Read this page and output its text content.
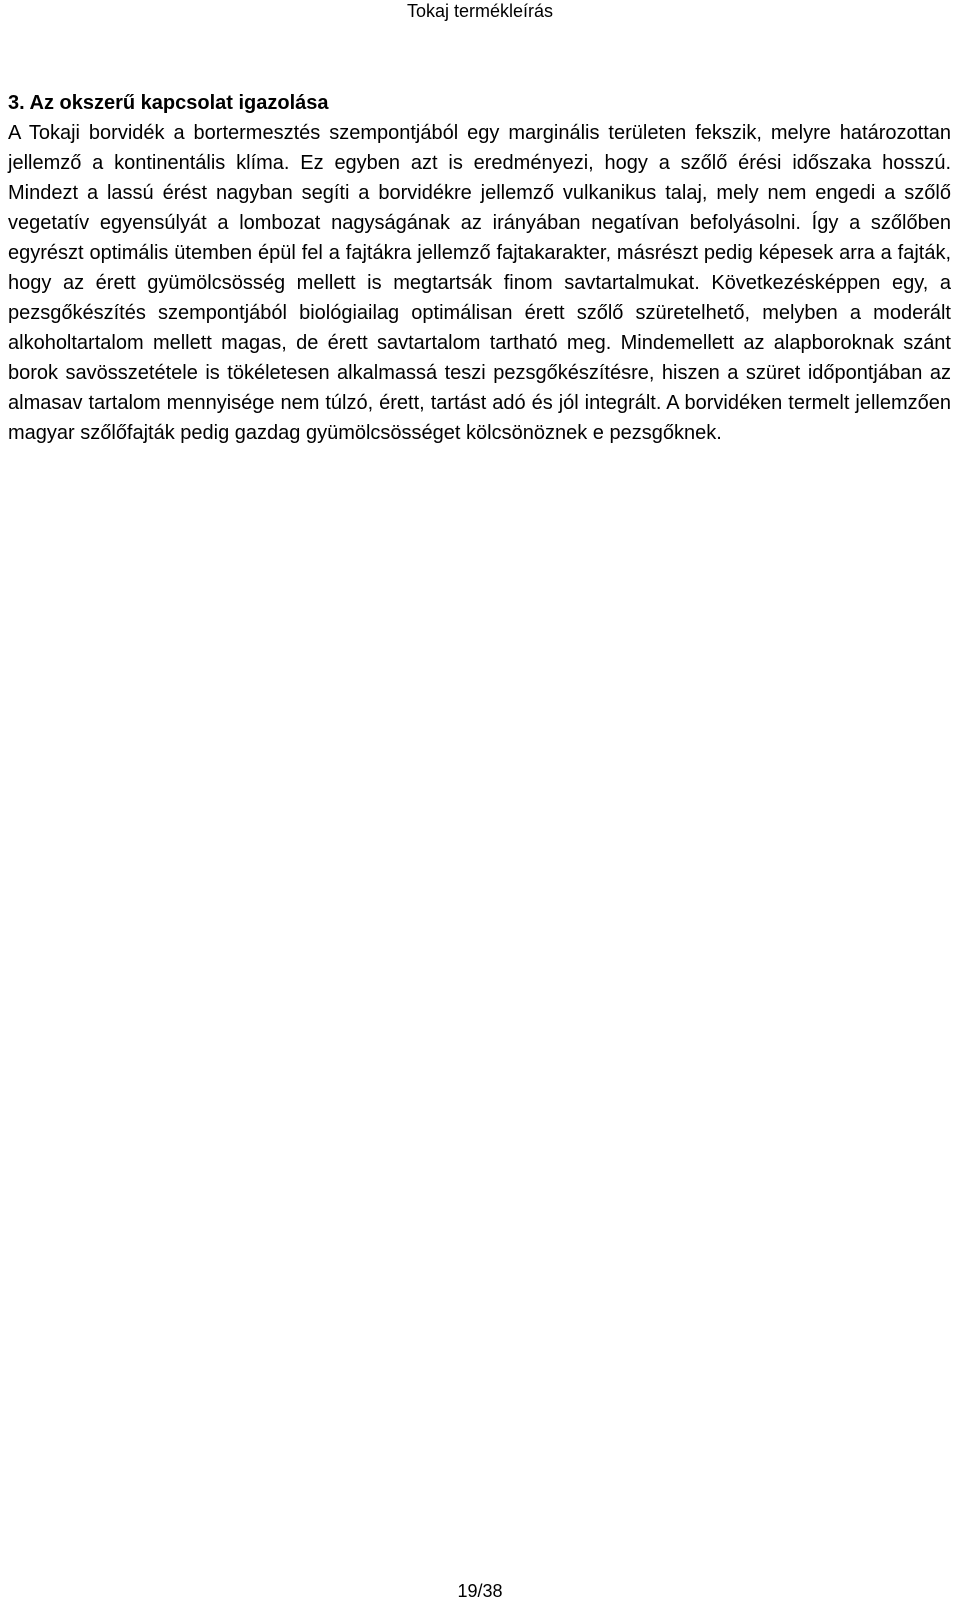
Tokaj termékleírás
3. Az okszerű kapcsolat igazolása

A Tokaji borvidék a bortermesztés szempontjából egy marginális területen fekszik, melyre határozottan jellemző a kontinentális klíma. Ez egyben azt is eredményezi, hogy a szőlő érési időszaka hosszú. Mindezt a lassú érést nagyban segíti a borvidékre jellemző vulkanikus talaj, mely nem engedi a szőlő vegetatív egyensúlyát a lombozat nagyságának az irányában negatívan befolyásolni. Így a szőlőben egyrészt optimális ütemben épül fel a fajtákra jellemző fajtakarakter, másrészt pedig képesek arra a fajták, hogy az érett gyümölcsösség mellett is megtartsák finom savtartalmukat. Következésképpen egy, a pezsgőkészítés szempontjából biológiailag optimálisan érett szőlő szüretelhető, melyben a moderált alkoholtartalom mellett magas, de érett savtartalom tartható meg. Mindemellett az alapboroknak szánt borok savösszetétele is tökéletesen alkalmassá teszi pezsgőkészítésre, hiszen a szüret időpontjában az almasav tartalom mennyisége nem túlzó, érett, tartást adó és jól integrált. A borvidéken termelt jellemzően magyar szőlőfajták pedig gazdag gyümölcsösséget kölcsönöznek e pezsgőknek.

19/38
